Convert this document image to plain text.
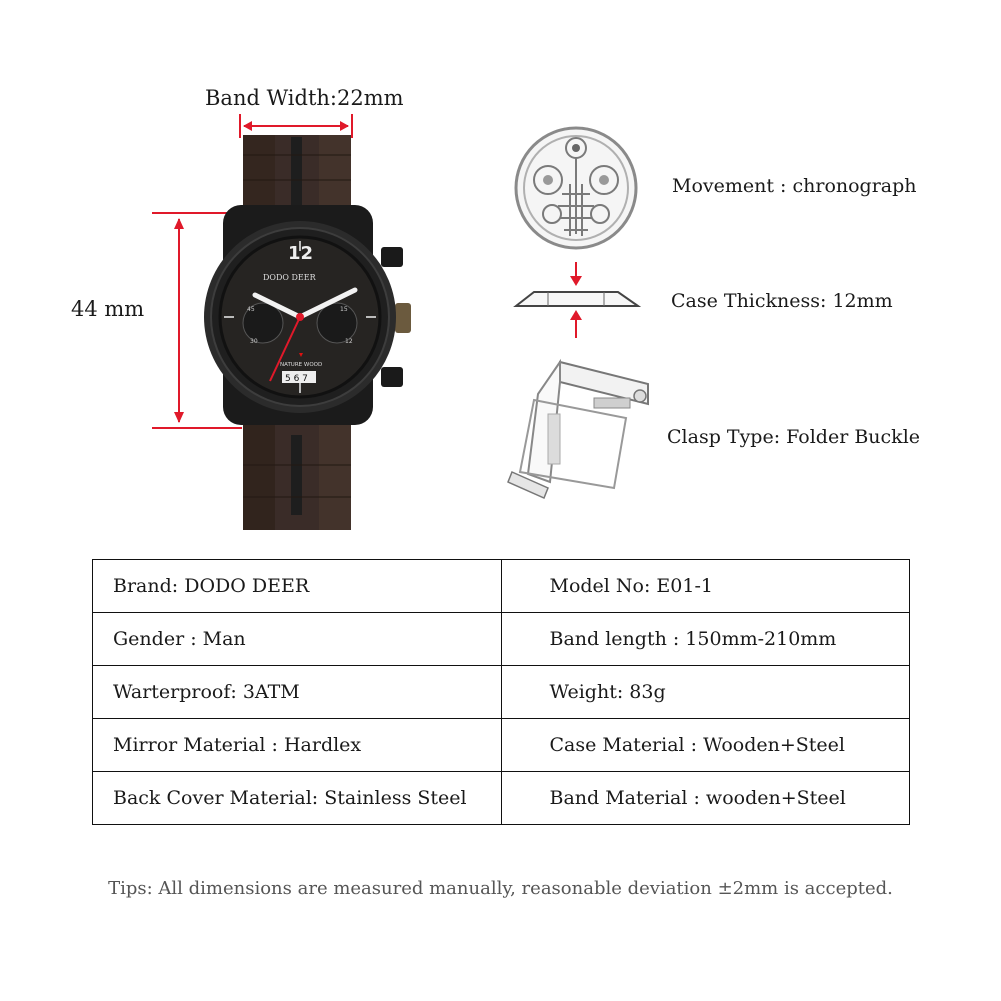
Band Width:22mm
44 mm	45
30
15
12
12
DODO DEER
NATURE WOOD
5 6 7
Movement : chronograph
Case Thickness: 12mm
Clasp Type: Folder Buckle
Brand: DODO DEER	Model No: E01-1
Gender : Man	Band length : 150mm-210mm
Warterproof: 3ATM	Weight: 83g
Mirror Material : Hardlex	Case Material : Wooden+Steel
Back Cover Material: Stainless Steel	Band Material : wooden+Steel
Tips: All dimensions are measured manually, reasonable deviation ±2mm is accepted.
